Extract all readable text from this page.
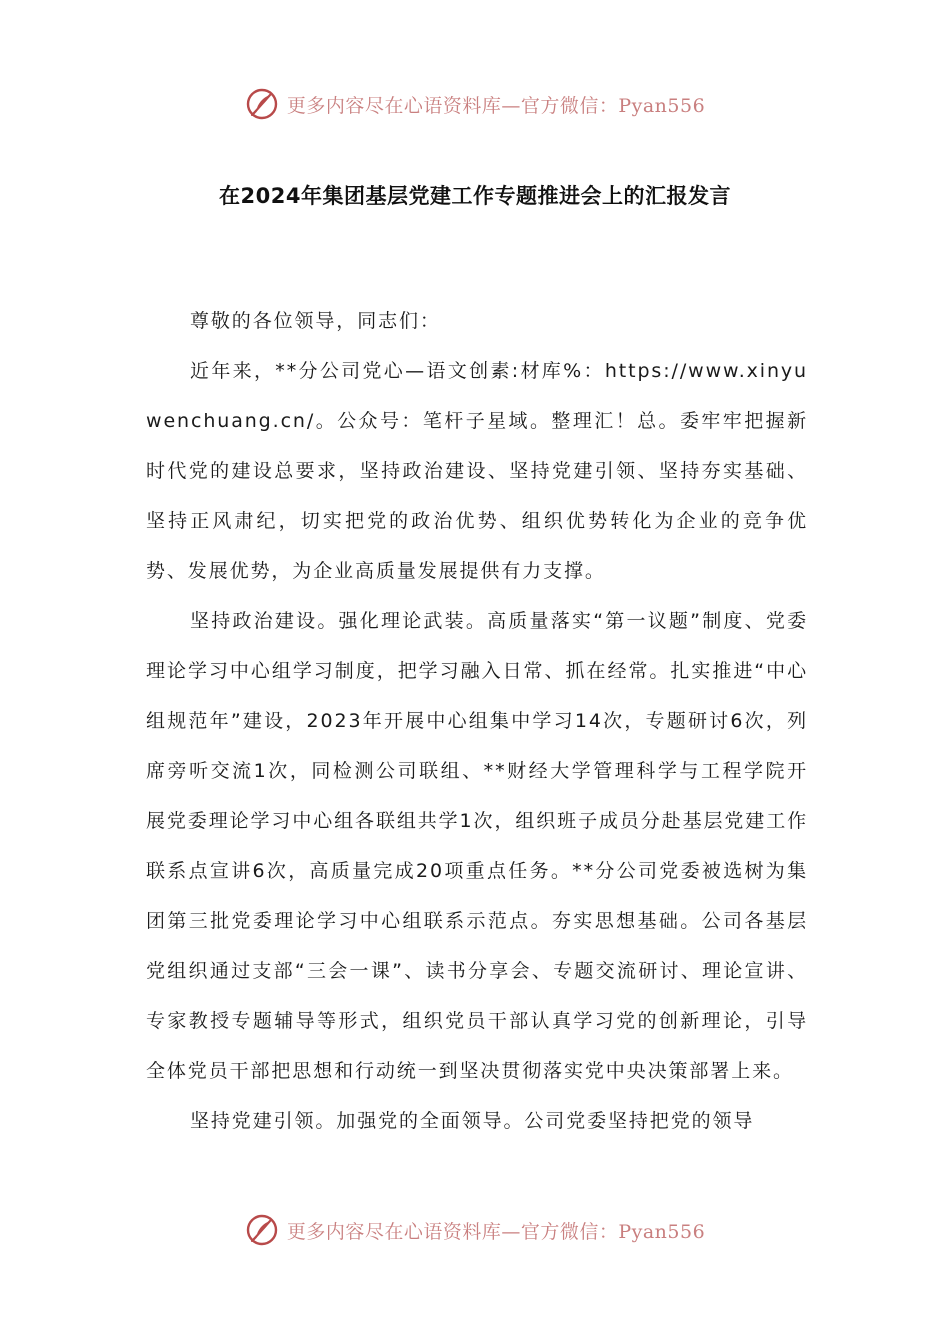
更多内容尽在心语资料库—官方微信：Pyan556
在2024年集团基层党建工作专题推进会上的汇报发言

尊敬的各位领导，同志们：

近年来，**分公司党心—语文创素:材库%：https://www.xinyuwenchuang.cn/。公众号：笔杆子星域。整理汇！总。委牢牢把握新时代党的建设总要求，坚持政治建设、坚持党建引领、坚持夯实基础、坚持正风肃纪，切实把党的政治优势、组织优势转化为企业的竞争优势、发展优势，为企业高质量发展提供有力支撑。

坚持政治建设。强化理论武装。高质量落实“第一议题”制度、党委理论学习中心组学习制度，把学习融入日常、抓在经常。扎实推进“中心组规范年”建设，2023年开展中心组集中学习14次，专题研讨6次，列席旁听交流1次，同检测公司联组、**财经大学管理科学与工程学院开展党委理论学习中心组各联组共学1次，组织班子成员分赴基层党建工作联系点宣讲6次，高质量完成20项重点任务。**分公司党委被选树为集团第三批党委理论学习中心组联系示范点。夯实思想基础。公司各基层党组织通过支部“三会一课”、读书分享会、专题交流研讨、理论宣讲、专家教授专题辅导等形式，组织党员干部认真学习党的创新理论，引导全体党员干部把思想和行动统一到坚决贯彻落实党中央决策部署上来。

坚持党建引领。加强党的全面领导。公司党委坚持把党的领导

更多内容尽在心语资料库—官方微信：Pyan556
